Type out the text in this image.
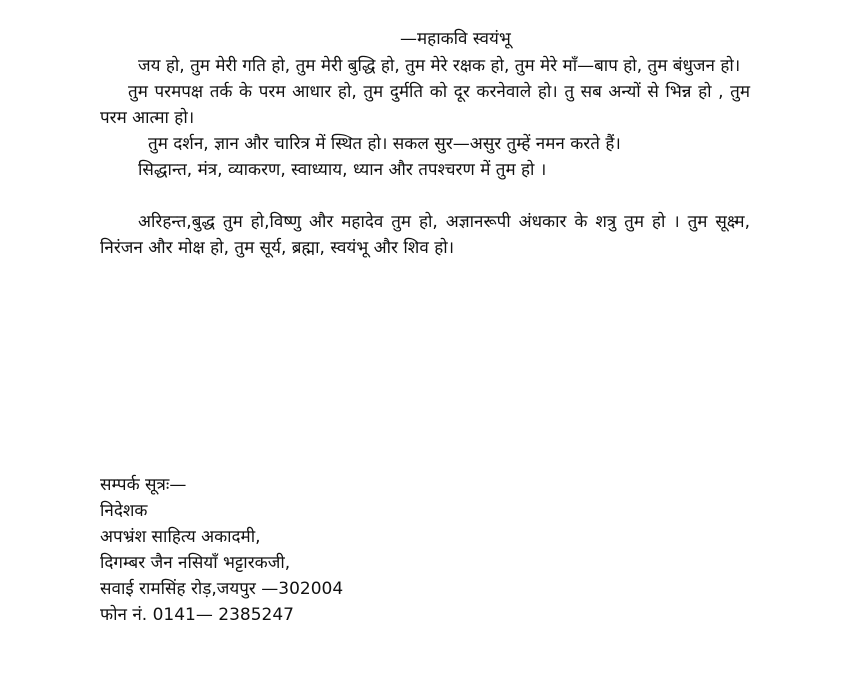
—महाकवि स्वयंभू

जय हो, तुम मेरी गति हो, तुम मेरी बुद्धि हो, तुम मेरे रक्षक हो, तुम मेरे माँ—बाप हो, तुम बंधुजन हो।

तुम परमपक्ष तर्क के परम आधार हो, तुम दुर्मति को दूर करनेवाले हो। तु सब अन्यों से भिन्न हो , तुम परम आत्मा हो।

तुम दर्शन, ज्ञान और चारित्र में स्थित हो। सकल सुर—असुर तुम्हें नमन करते हैं।

सिद्धान्त, मंत्र, व्याकरण, स्वाध्याय, ध्यान और तपश्चरण में तुम हो ।

अरिहन्त,बुद्ध तुम हो,विष्णु और महादेव तुम हो, अज्ञानरूपी अंधकार के शत्रु तुम हो । तुम सूक्ष्म, निरंजन और मोक्ष हो, तुम सूर्य, ब्रह्मा, स्वयंभू और शिव हो।

सम्पर्क सूत्रः—
निदेशक
अपभ्रंश साहित्य अकादमी,
दिगम्बर जैन नसियाँ भट्टारकजी,
सवाई रामसिंह रोड़,जयपुर —302004
फोन नं. 0141— 2385247
